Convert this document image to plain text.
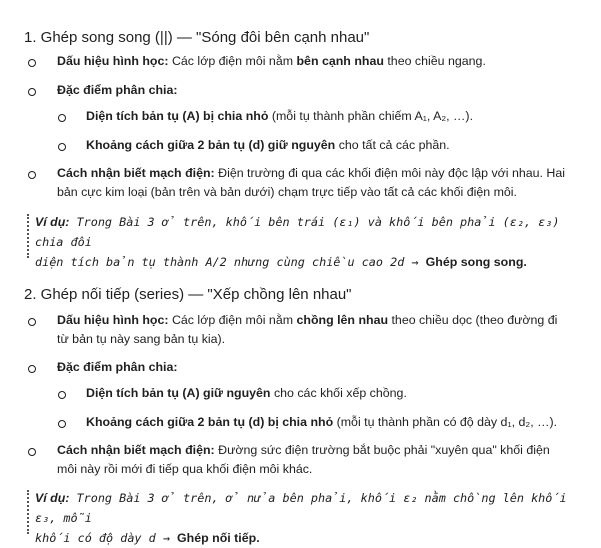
1. Ghép song song (||) — "Sóng đôi bên cạnh nhau"
Dấu hiệu hình học: Các lớp điện môi nằm bên cạnh nhau theo chiều ngang.
Đặc điểm phân chia:
Diện tích bản tụ (A) bị chia nhỏ (mỗi tụ thành phần chiếm A₁, A₂, …).
Khoảng cách giữa 2 bản tụ (d) giữ nguyên cho tất cả các phần.
Cách nhận biết mạch điện: Điện trường đi qua các khối điện môi này độc lập với nhau. Hai
bản cực kim loại (bản trên và bản dưới) chạm trực tiếp vào tất cả các khối điện môi.
Ví dụ: Trong Bài 3 ở trên, khối bên trái (ε₁) và khối bên phải (ε₂, ε₃) chia đôi
diện tích bản tụ thành A/2 nhưng cùng chiều cao 2d → Ghép song song.
2. Ghép nối tiếp (series) — "Xếp chồng lên nhau"
Dấu hiệu hình học: Các lớp điện môi nằm chồng lên nhau theo chiều dọc (theo đường đi
từ bản tụ này sang bản tụ kia).
Đặc điểm phân chia:
Diện tích bản tụ (A) giữ nguyên cho các khối xếp chồng.
Khoảng cách giữa 2 bản tụ (d) bị chia nhỏ (mỗi tụ thành phần có độ dày d₁, d₂, …).
Cách nhận biết mạch điện: Đường sức điện trường bắt buộc phải "xuyên qua" khối điện
môi này rồi mới đi tiếp qua khối điện môi khác.
Ví dụ: Trong Bài 3 ở trên, ở nửa bên phải, khối ε₂ nằm chồng lên khối ε₃, mỗi
khối có độ dày d → Ghép nối tiếp.
